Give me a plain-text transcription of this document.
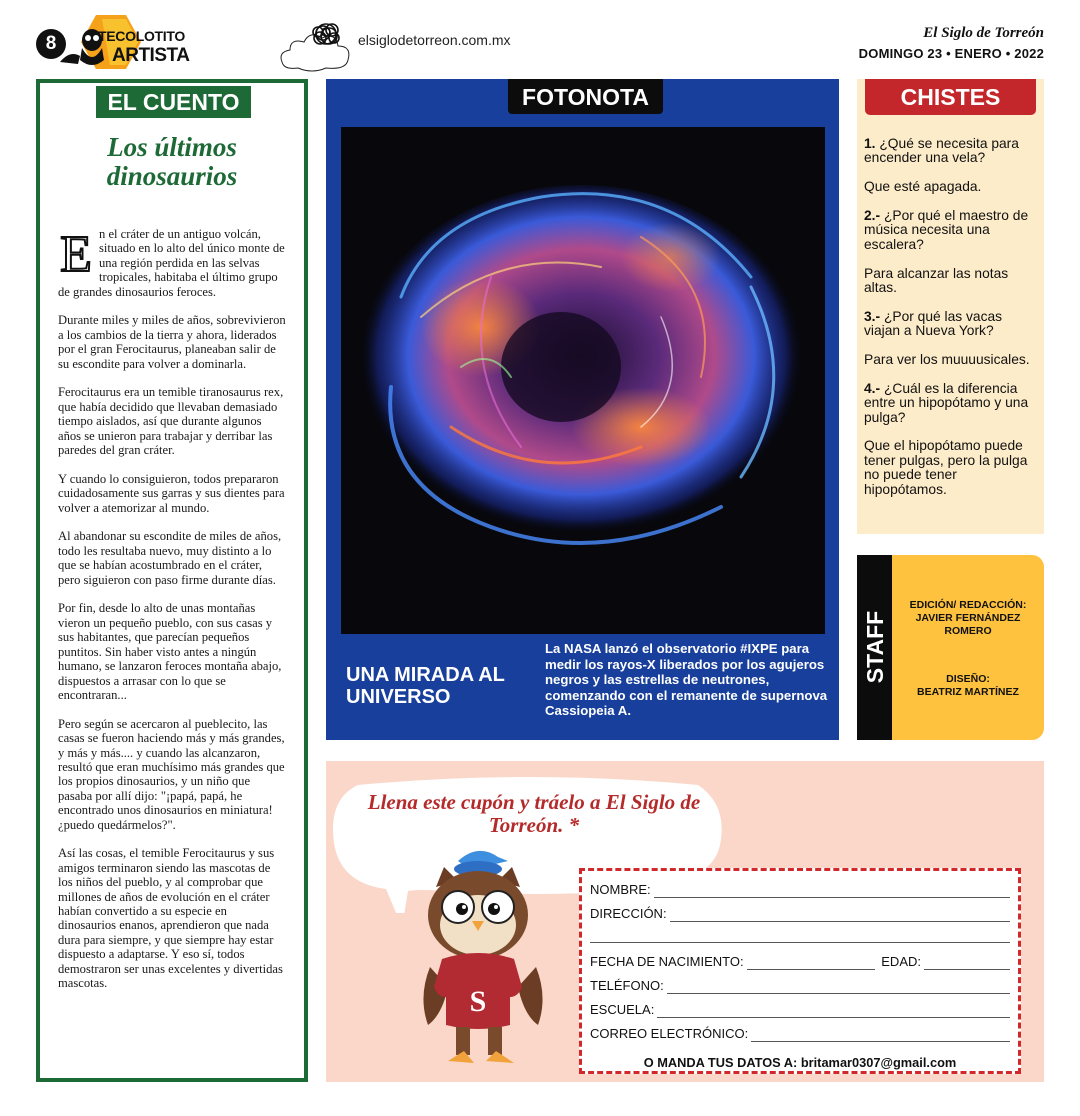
8	TECOLOTITO
ARTISTA
elsiglodetorreon.com.mx	El Siglo de Torreón
DOMINGO 23 • ENERO • 2022
EL CUENTO
Los últimos dinosaurios

En el cráter de un antiguo volcán, situado en lo alto del único monte de una región perdida en las selvas tropicales, habitaba el último grupo de grandes dinosaurios feroces.

Durante miles y miles de años, sobrevivieron a los cambios de la tierra y ahora, liderados por el gran Ferocitaurus, planeaban salir de su escondite para volver a dominarla.

Ferocitaurus era un temible tiranosaurus rex, que había decidido que llevaban demasiado tiempo aislados, así que durante algunos años se unieron para trabajar y derribar las paredes del gran cráter.

Y cuando lo consiguieron, todos prepararon cuidadosamente sus garras y sus dientes para volver a atemorizar al mundo.

Al abandonar su escondite de miles de años, todo les resultaba nuevo, muy distinto a lo que se habían acostumbrado en el cráter, pero siguieron con paso firme durante días.

Por fin, desde lo alto de unas montañas vieron un pequeño pueblo, con sus casas y sus habitantes, que parecían pequeños puntitos. Sin haber visto antes a ningún humano, se lanzaron feroces montaña abajo, dispuestos a arrasar con lo que se encontraran...

Pero según se acercaron al pueblecito, las casas se fueron haciendo más y más grandes, y más y más.... y cuando las alcanzaron, resultó que eran muchísimo más grandes que los propios dinosaurios, y un niño que pasaba por allí dijo: "¡papá, papá, he encontrado unos dinosaurios en miniatura! ¿puedo quedármelos?".

Así las cosas, el temible Ferocitaurus y sus amigos terminaron siendo las mascotas de los niños del pueblo, y al comprobar que millones de años de evolución en el cráter habían convertido a su especie en dinosaurios enanos, aprendieron que nada dura para siempre, y que siempre hay estar dispuesto a adaptarse. Y eso sí, todos demostraron ser unas excelentes y divertidas mascotas.

FOTONOTA
UNA MIRADA AL UNIVERSO
La NASA lanzó el observatorio #IXPE para medir los rayos-X liberados por los agujeros negros y las estrellas de neutrones, comenzando con el remanente de supernova Cassiopeia A.
CHISTES

1. ¿Qué se necesita para encender una vela?

Que esté apagada.

2.- ¿Por qué el maestro de música necesita una escalera?

Para alcanzar las notas altas.

3.- ¿Por qué las vacas viajan a Nueva York?

Para ver los muuuusicales.

4.- ¿Cuál es la diferencia entre un hipopótamo y una pulga?

Que el hipopótamo puede tener pulgas, pero la pulga no puede tener hipopótamos.

STAFF
EDICIÓN/ REDACCIÓN:
JAVIER FERNÁNDEZ ROMERO
DISEÑO:
BEATRIZ MARTÍNEZ
Llena este cupón y tráelo a El Siglo de Torreón. *
S
NOMBRE:
DIRECCIÓN:
FECHA DE NACIMIENTO:	EDAD:
TELÉFONO:
ESCUELA:
CORREO ELECTRÓNICO:
O MANDA TUS DATOS A: britamar0307@gmail.com
